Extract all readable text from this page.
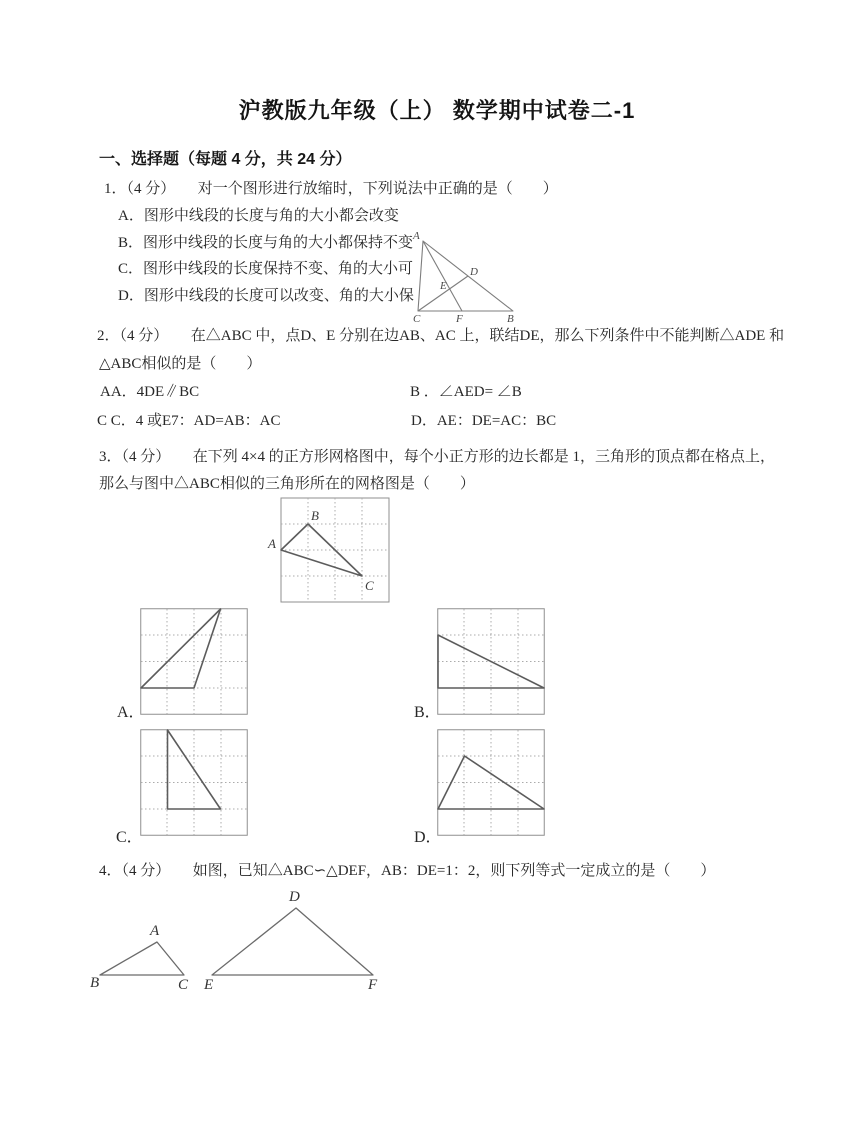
沪教版九年级（上） 数学期中试卷二-1
一、选择题（每题 4 分，共 24 分）
1．（4 分）　　对一个图形进行放缩时，下列说法中正确的是（　　）
A．图形中线段的长度与角的大小都会改变
B．图形中线段的长度与角的大小都保持不变
C．图形中线段的长度保持不变、角的大小可
D．图形中线段的长度可以改变、角的大小保
A
D
E
C	F	B
2．（4 分）　　在△ABC 中，点D、E 分别在边AB、AC 上，联结DE，那么下列条件中不能判断△ADE 和
△ABC相似的是（　　）
AA．4DE∥BC	B ．∠AED= ∠B
C C．4 或E7：AD=AB：AC	D．AE：DE=AC：BC
3．（4 分）　　在下列 4×4 的正方形网格图中，每个小正方形的边长都是 1，三角形的顶点都在格点上，
那么与图中△ABC相似的三角形所在的网格图是（　　）
B
A
C
A．	B．
C．	D．
4．（4 分）　　如图，已知△ABC∽△DEF，AB：DE=1：2，则下列等式一定成立的是（　　）
A
B	C
D
E	F
